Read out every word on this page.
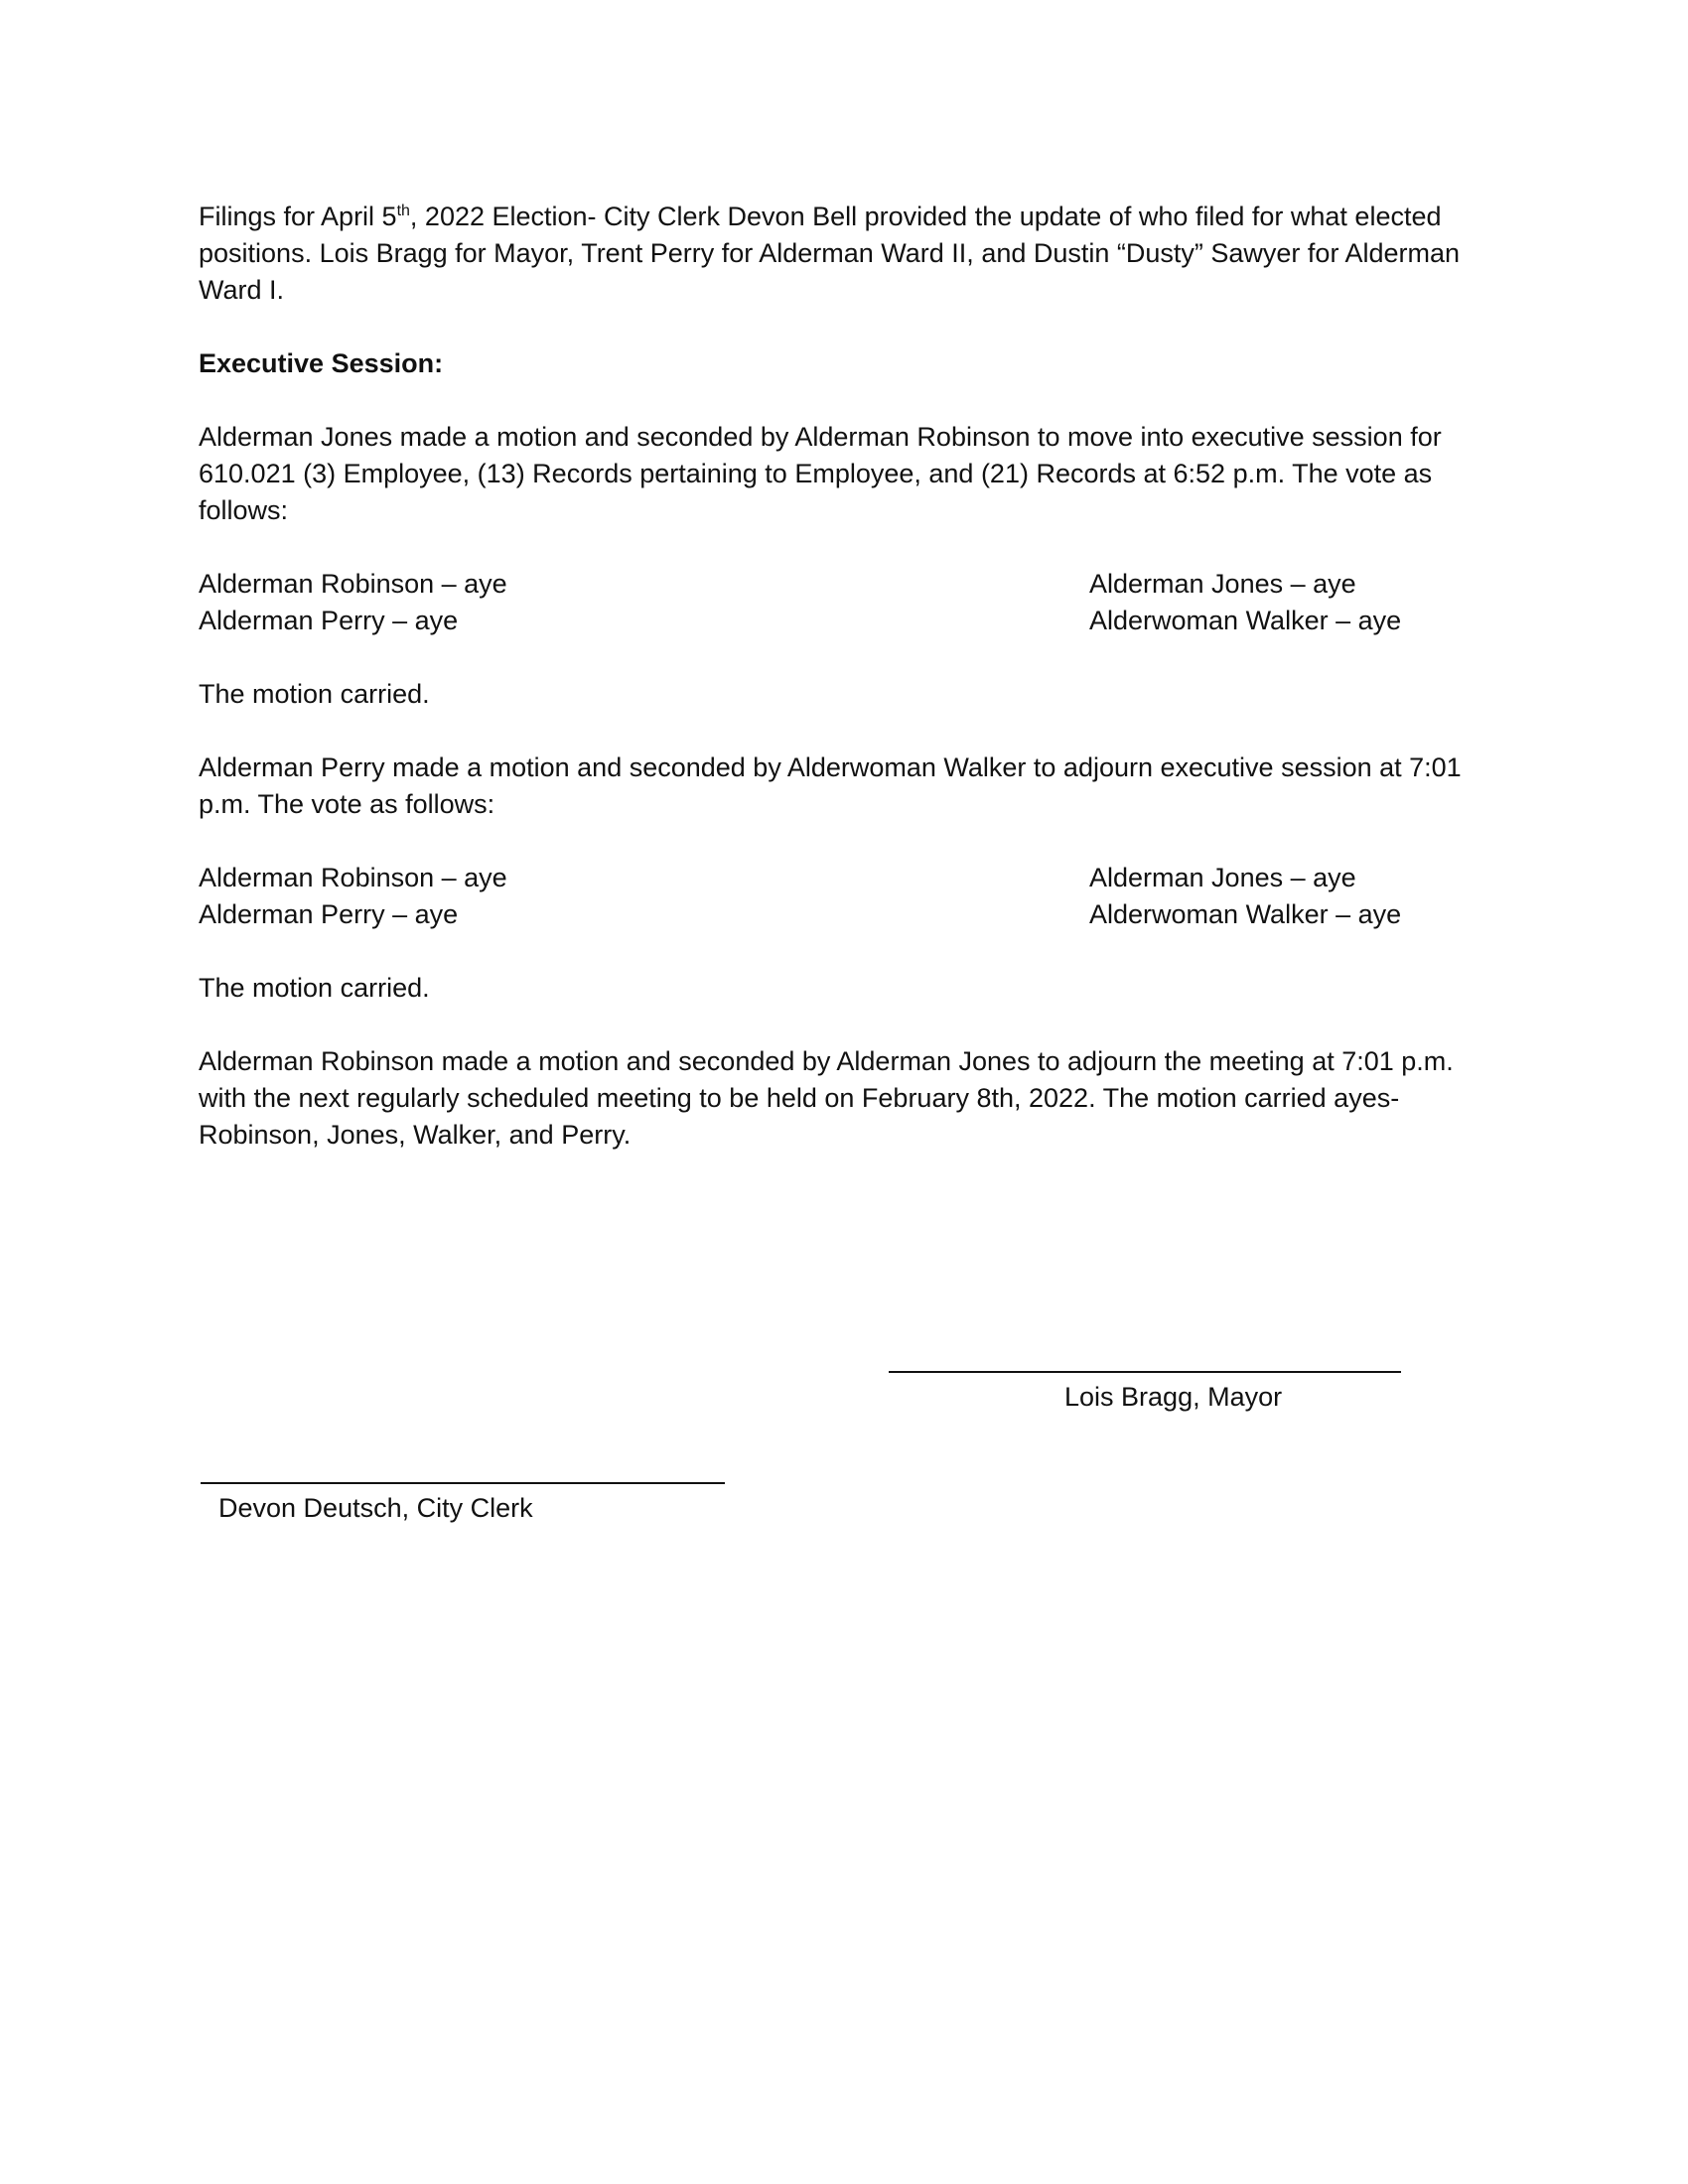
Filings for April 5th, 2022 Election- City Clerk Devon Bell provided the update of who filed for what elected positions. Lois Bragg for Mayor, Trent Perry for Alderman Ward II, and Dustin “Dusty” Sawyer for Alderman Ward I.

Executive Session:

Alderman Jones made a motion and seconded by Alderman Robinson to move into executive session for 610.021 (3) Employee, (13) Records pertaining to Employee, and (21) Records at 6:52 p.m. The vote as follows:

Alderman Robinson – aye	Alderman Jones – aye
Alderman Perry – aye	Alderwoman Walker – aye

The motion carried.

Alderman Perry made a motion and seconded by Alderwoman Walker to adjourn executive session at 7:01 p.m. The vote as follows:

Alderman Robinson – aye	Alderman Jones – aye
Alderman Perry – aye	Alderwoman Walker – aye

The motion carried.

Alderman Robinson made a motion and seconded by Alderman Jones to adjourn the meeting at 7:01 p.m. with the next regularly scheduled meeting to be held on February 8th, 2022. The motion carried ayes- Robinson, Jones, Walker, and Perry.

Lois Bragg, Mayor
Devon Deutsch, City Clerk
